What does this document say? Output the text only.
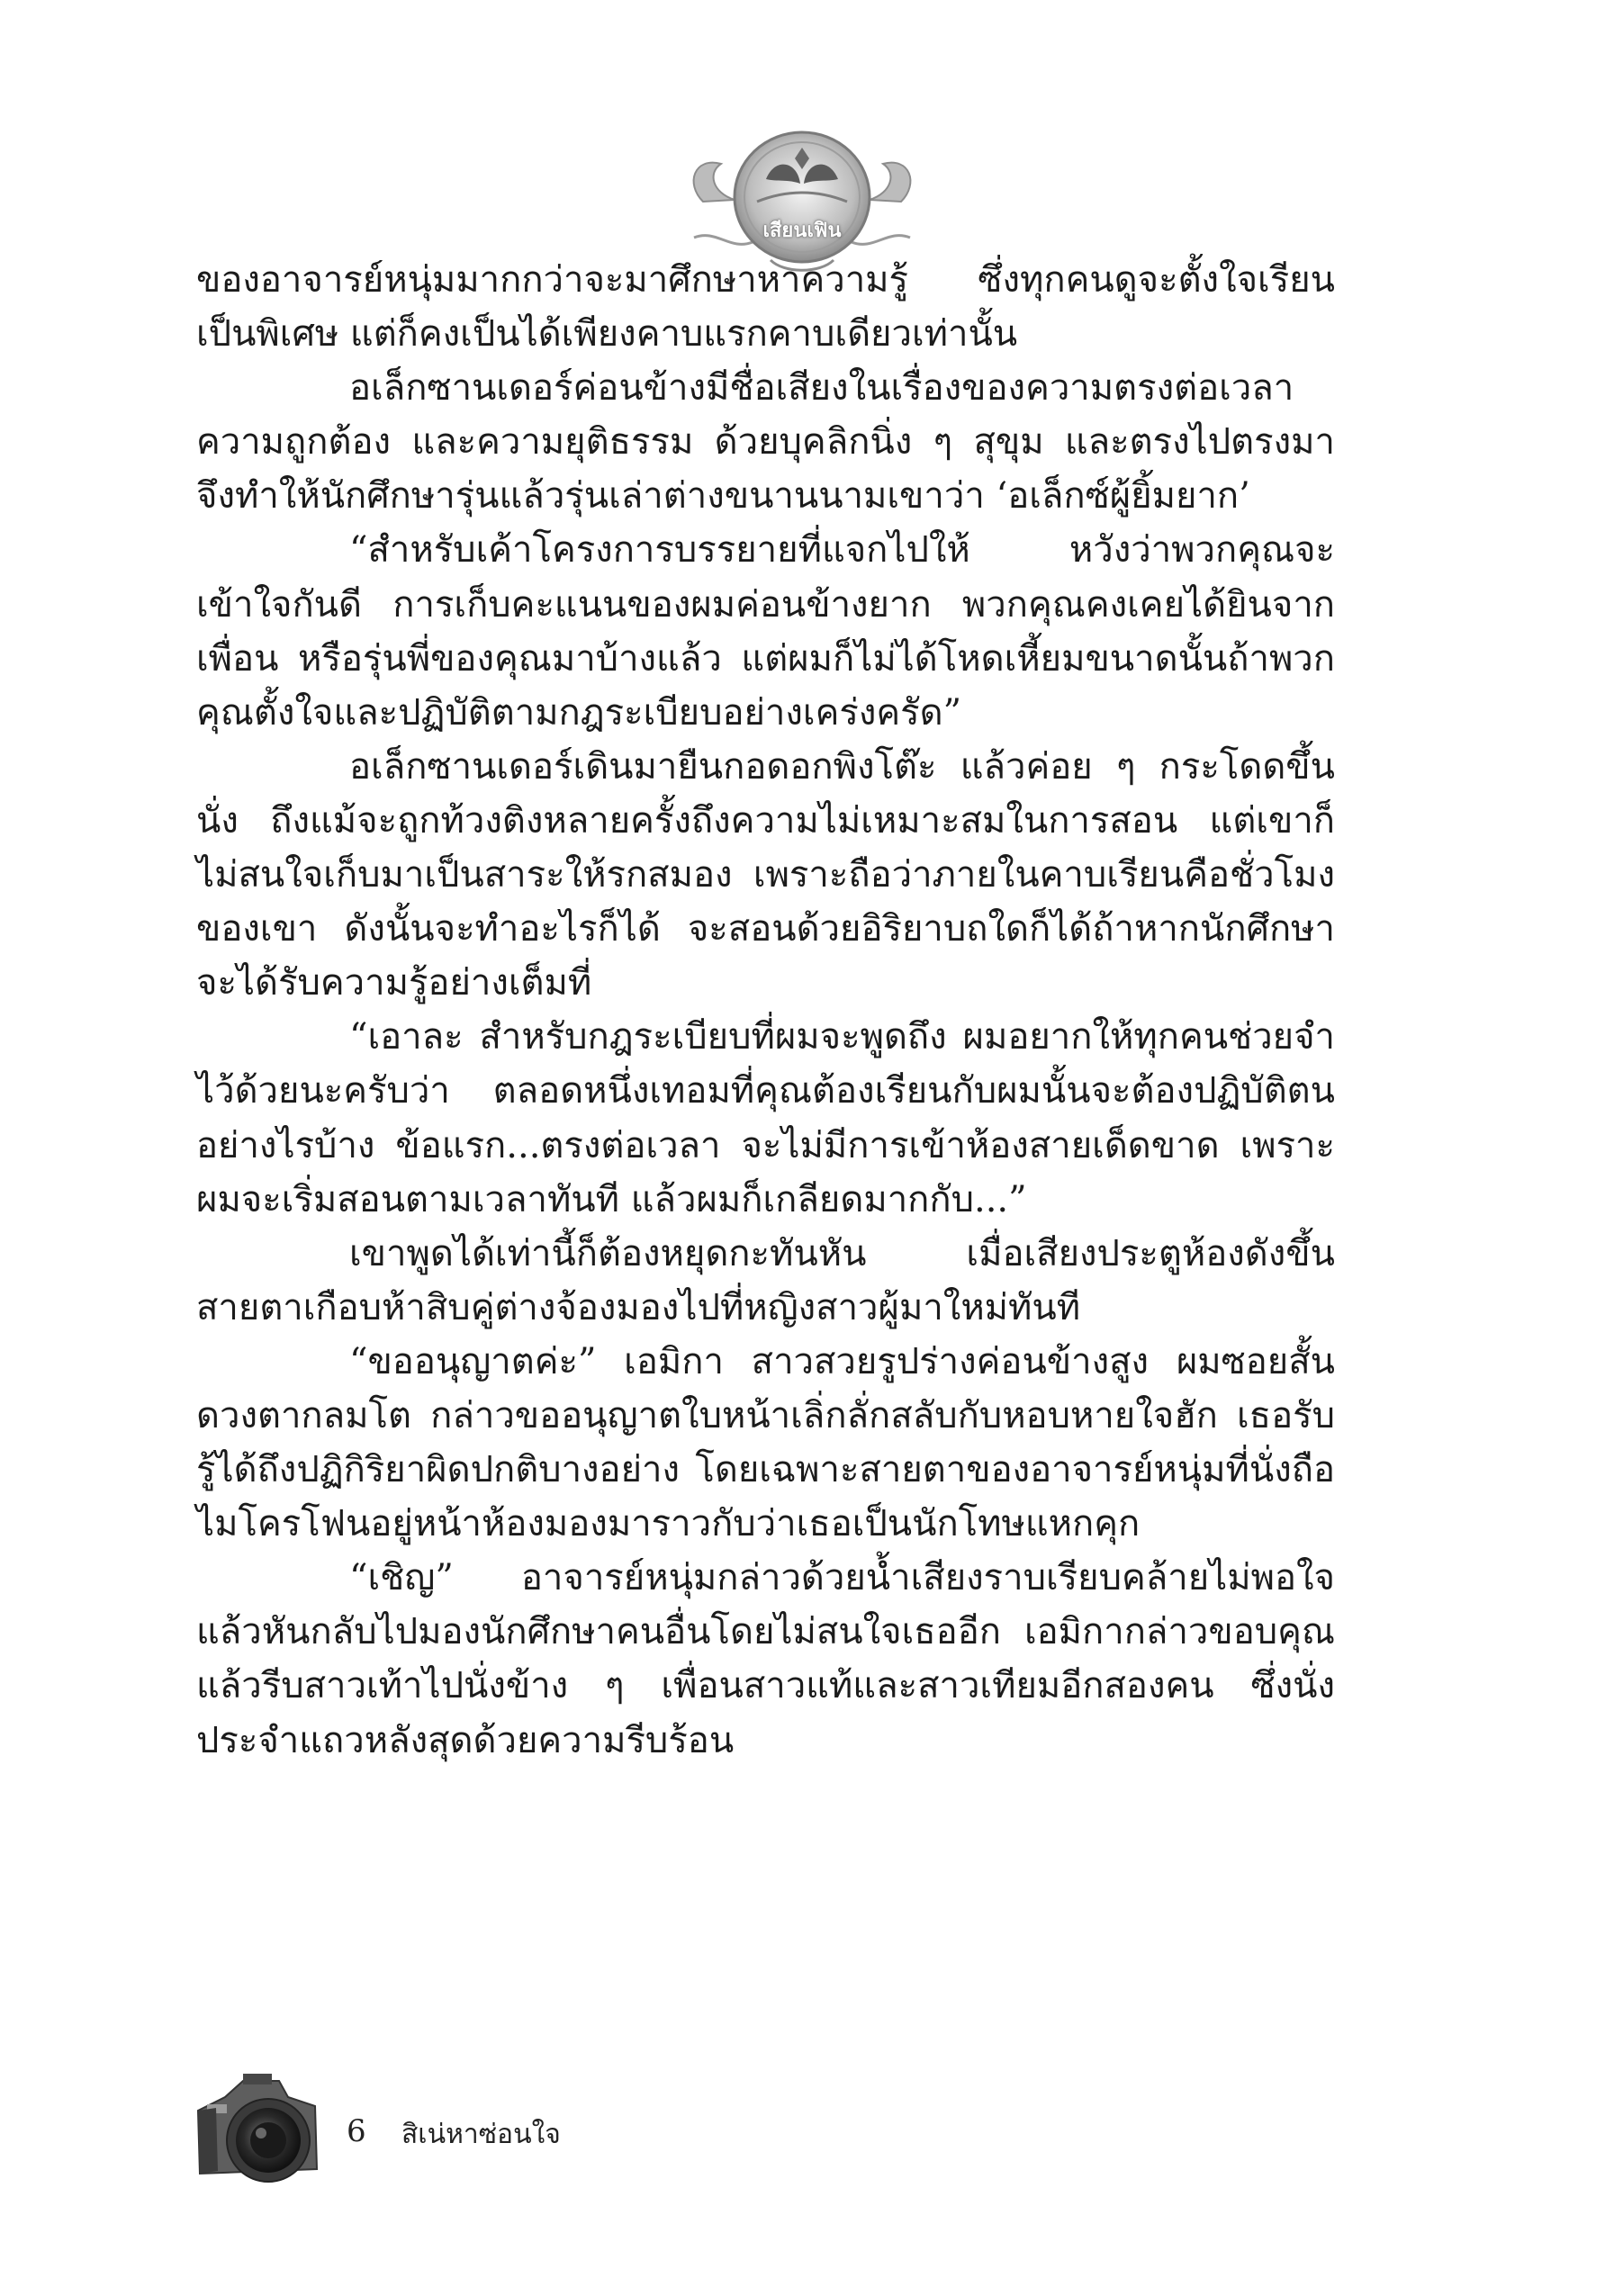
เสียนเฟิน

ของอาจารย์หนุ่มมากกว่าจะมาศึกษาหาความรู้ ซึ่งทุกคนดูจะตั้งใจเรียนเป็นพิเศษ แต่ก็คงเป็นได้เพียงคาบแรกคาบเดียวเท่านั้น

อเล็กซานเดอร์ค่อนข้างมีชื่อเสียงในเรื่องของความตรงต่อเวลา ความถูกต้อง และความยุติธรรม ด้วยบุคลิกนิ่ง ๆ สุขุม และตรงไปตรงมา จึงทำให้นักศึกษารุ่นแล้วรุ่นเล่าต่างขนานนามเขาว่า ‘อเล็กซ์ผู้ยิ้มยาก’

“สำหรับเค้าโครงการบรรยายที่แจกไปให้ หวังว่าพวกคุณจะเข้าใจกันดี การเก็บคะแนนของผมค่อนข้างยาก พวกคุณคงเคยได้ยินจากเพื่อน หรือรุ่นพี่ของคุณมาบ้างแล้ว แต่ผมก็ไม่ได้โหดเหี้ยมขนาดนั้นถ้าพวกคุณตั้งใจและปฏิบัติตามกฎระเบียบอย่างเคร่งครัด”

อเล็กซานเดอร์เดินมายืนกอดอกพิงโต๊ะ แล้วค่อย ๆ กระโดดขึ้นนั่ง ถึงแม้จะถูกท้วงติงหลายครั้งถึงความไม่เหมาะสมในการสอน แต่เขาก็ไม่สนใจเก็บมาเป็นสาระให้รกสมอง เพราะถือว่าภายในคาบเรียนคือชั่วโมงของเขา ดังนั้นจะทำอะไรก็ได้ จะสอนด้วยอิริยาบถใดก็ได้ถ้าหากนักศึกษาจะได้รับความรู้อย่างเต็มที่

“เอาละ สำหรับกฎระเบียบที่ผมจะพูดถึง ผมอยากให้ทุกคนช่วยจำไว้ด้วยนะครับว่า ตลอดหนึ่งเทอมที่คุณต้องเรียนกับผมนั้นจะต้องปฏิบัติตนอย่างไรบ้าง ข้อแรก...ตรงต่อเวลา จะไม่มีการเข้าห้องสายเด็ดขาด เพราะผมจะเริ่มสอนตามเวลาทันที แล้วผมก็เกลียดมากกับ...”

เขาพูดได้เท่านี้ก็ต้องหยุดกะทันหัน เมื่อเสียงประตูห้องดังขึ้น สายตาเกือบห้าสิบคู่ต่างจ้องมองไปที่หญิงสาวผู้มาใหม่ทันที

“ขออนุญาตค่ะ” เอมิกา สาวสวยรูปร่างค่อนข้างสูง ผมซอยสั้นดวงตากลมโต กล่าวขออนุญาตใบหน้าเลิ่กลั่กสลับกับหอบหายใจฮัก เธอรับรู้ได้ถึงปฏิกิริยาผิดปกติบางอย่าง โดยเฉพาะสายตาของอาจารย์หนุ่มที่นั่งถือไมโครโฟนอยู่หน้าห้องมองมาราวกับว่าเธอเป็นนักโทษแหกคุก

“เชิญ” อาจารย์หนุ่มกล่าวด้วยน้ำเสียงราบเรียบคล้ายไม่พอใจ แล้วหันกลับไปมองนักศึกษาคนอื่นโดยไม่สนใจเธออีก เอมิกากล่าวขอบคุณแล้วรีบสาวเท้าไปนั่งข้าง ๆ เพื่อนสาวแท้และสาวเทียมอีกสองคน ซึ่งนั่งประจำแถวหลังสุดด้วยความรีบร้อน

6 สิเน่หาซ่อนใจ
